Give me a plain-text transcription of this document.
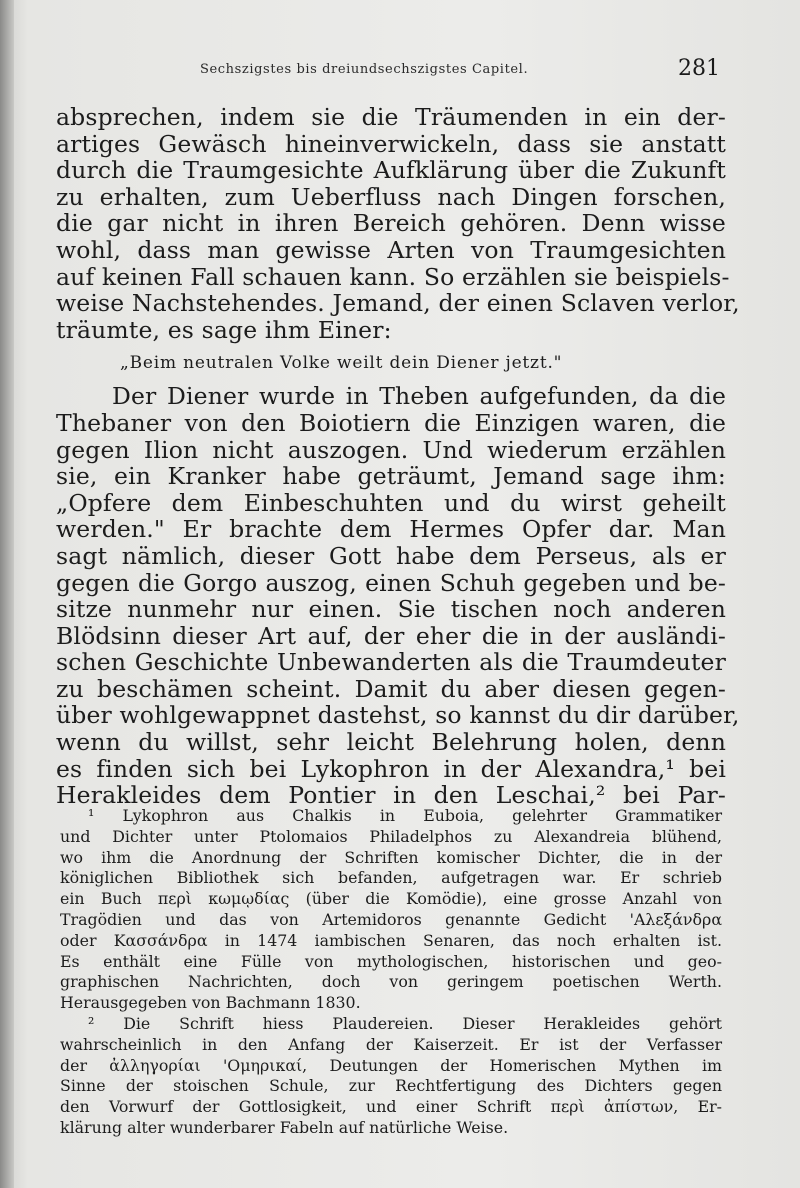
Sechszigstes bis dreiundsechszigstes Capitel.	281
absprechen, indem sie die Träumenden in ein der-
artiges Gewäsch hineinverwickeln, dass sie anstatt
durch die Traumgesichte Aufklärung über die Zukunft
zu erhalten, zum Ueberfluss nach Dingen forschen,
die gar nicht in ihren Bereich gehören. Denn wisse
wohl, dass man gewisse Arten von Traumgesichten
auf keinen Fall schauen kann. So erzählen sie beispiels-
weise Nachstehendes. Jemand, der einen Sclaven verlor,
träumte, es sage ihm Einer:
„Beim neutralen Volke weilt dein Diener jetzt."
Der Diener wurde in Theben aufgefunden, da die
Thebaner von den Boiotiern die Einzigen waren, die
gegen Ilion nicht auszogen. Und wiederum erzählen
sie, ein Kranker habe geträumt, Jemand sage ihm:
„Opfere dem Einbeschuhten und du wirst geheilt
werden." Er brachte dem Hermes Opfer dar. Man
sagt nämlich, dieser Gott habe dem Perseus, als er
gegen die Gorgo auszog, einen Schuh gegeben und be-
sitze nunmehr nur einen. Sie tischen noch anderen
Blödsinn dieser Art auf, der eher die in der ausländi-
schen Geschichte Unbewanderten als die Traumdeuter
zu beschämen scheint. Damit du aber diesen gegen-
über wohlgewappnet dastehst, so kannst du dir darüber,
wenn du willst, sehr leicht Belehrung holen, denn
es finden sich bei Lykophron in der Alexandra,¹ bei
Herakleides dem Pontier in den Leschai,² bei Par-
¹ Lykophron aus Chalkis in Euboia, gelehrter Grammatiker
und Dichter unter Ptolomaios Philadelphos zu Alexandreia blühend,
wo ihm die Anordnung der Schriften komischer Dichter, die in der
königlichen Bibliothek sich befanden, aufgetragen war. Er schrieb
ein Buch περὶ κωμῳδίας (über die Komödie), eine grosse Anzahl von
Tragödien und das von Artemidoros genannte Gedicht 'Αλεξάνδρα
oder Κασσάνδρα in 1474 iambischen Senaren, das noch erhalten ist.
Es enthält eine Fülle von mythologischen, historischen und geo-
graphischen Nachrichten, doch von geringem poetischen Werth.
Herausgegeben von Bachmann 1830.
² Die Schrift hiess Plaudereien. Dieser Herakleides gehört
wahrscheinlich in den Anfang der Kaiserzeit. Er ist der Verfasser
der ἀλληγορίαι 'Ομηρικαί, Deutungen der Homerischen Mythen im
Sinne der stoischen Schule, zur Rechtfertigung des Dichters gegen
den Vorwurf der Gottlosigkeit, und einer Schrift περὶ ἀπίστων, Er-
klärung alter wunderbarer Fabeln auf natürliche Weise.
